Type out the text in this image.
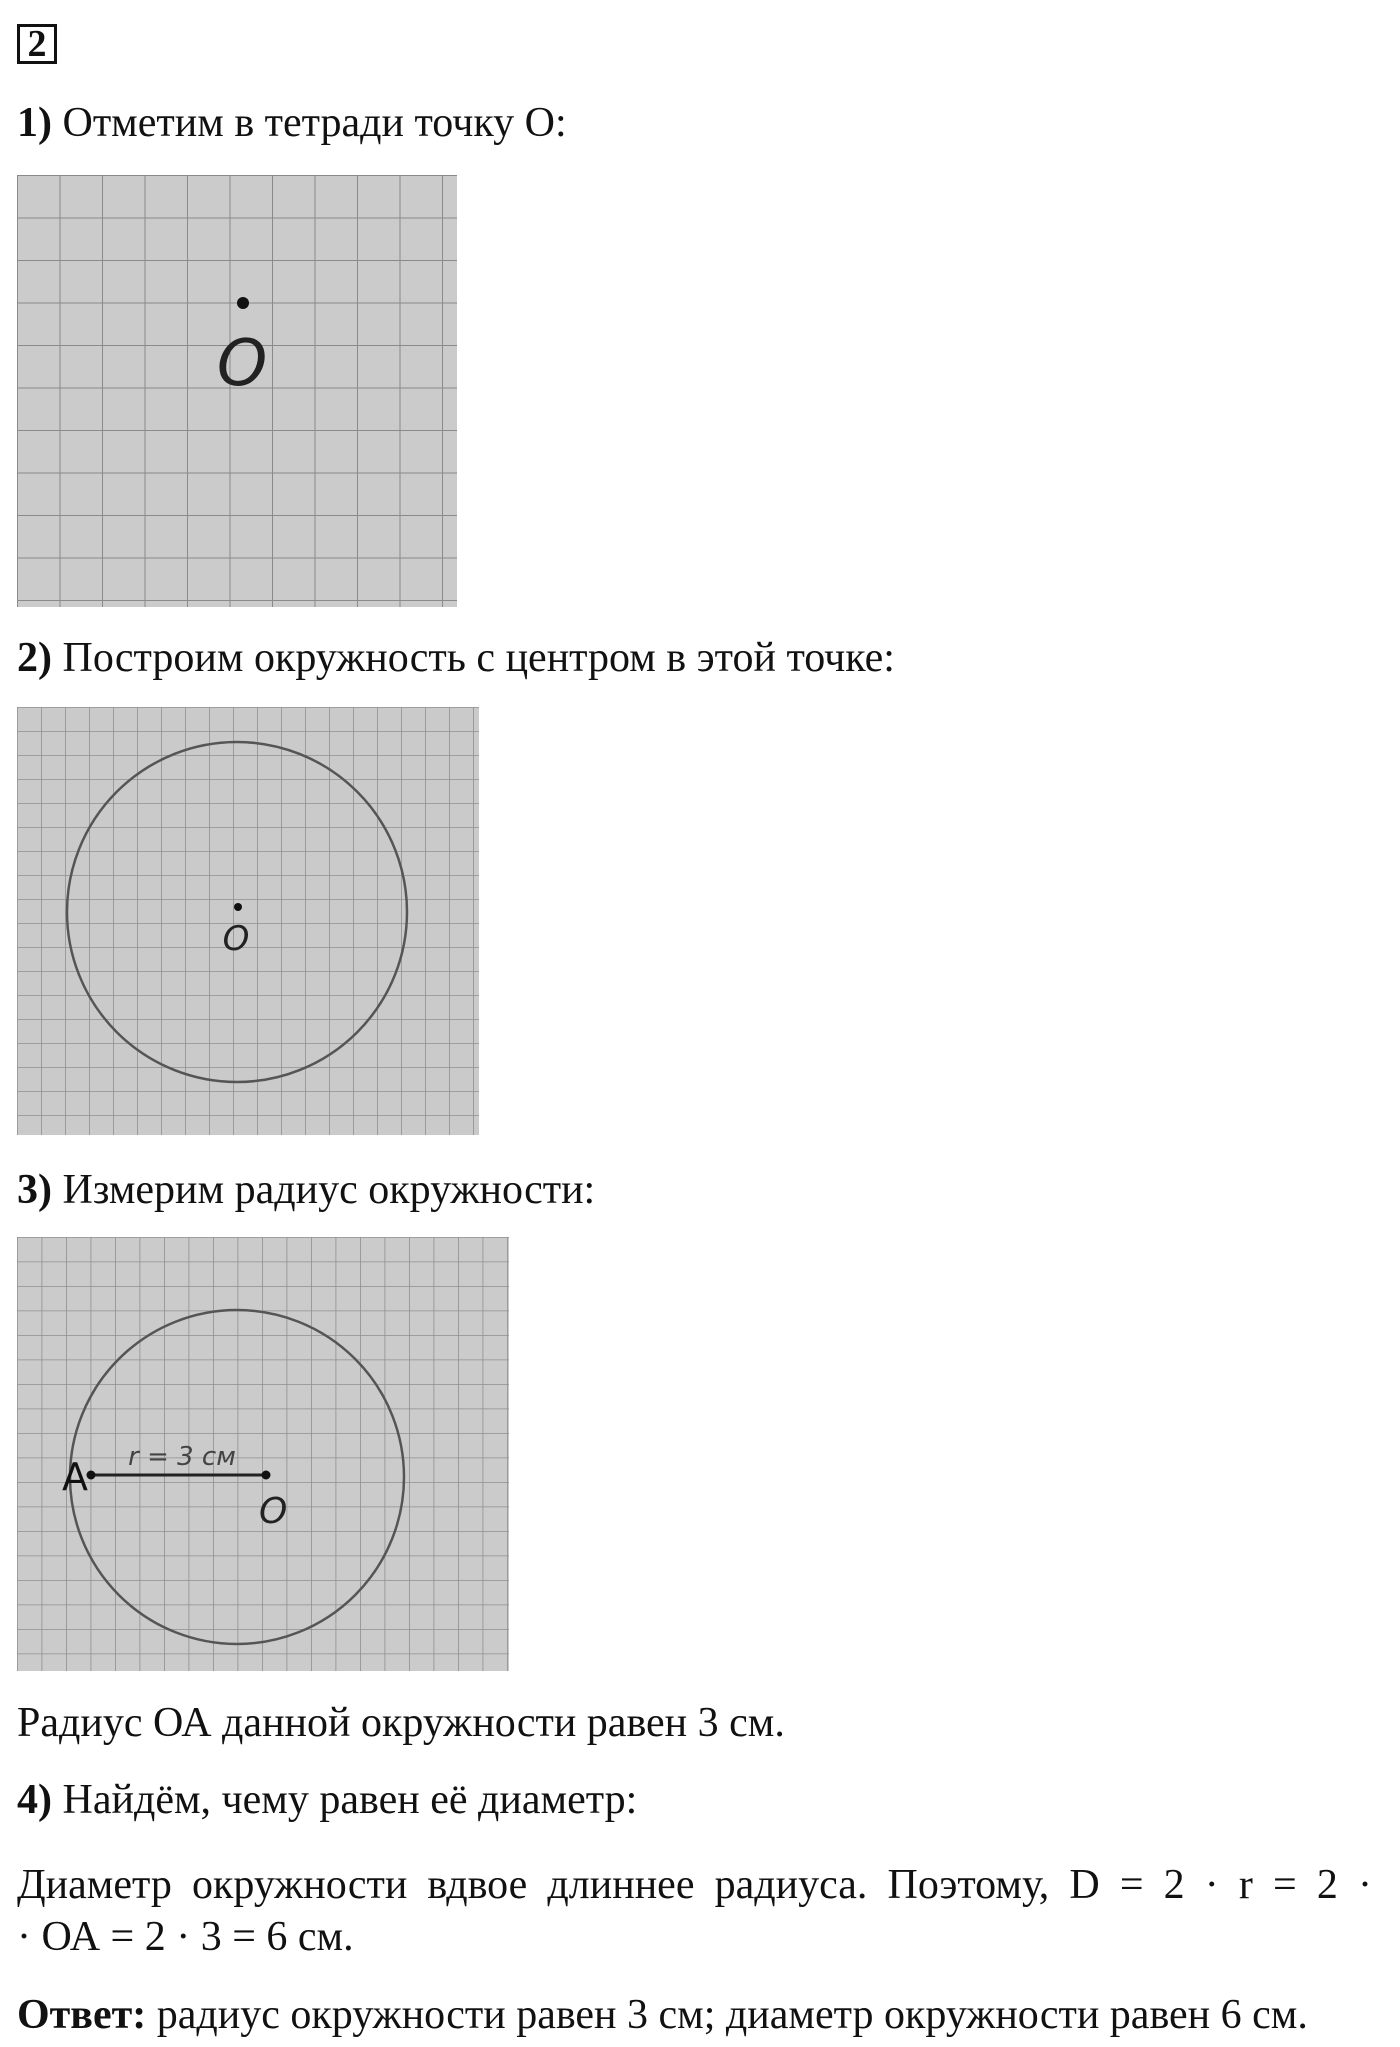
2
1) Отметим в тетради точку О:
O
2) Построим окружность с центром в этой точке:
O
3) Измерим радиус окружности:
A
O
r = 3 см
Радиус ОА данной окружности равен 3 см.
4) Найдём, чему равен её диаметр:
Диаметр окружности вдвое длиннее радиуса. Поэтому, D = 2 · r = 2 ·
· ОА = 2 · 3 = 6 см.
Ответ: радиус окружности равен 3 см; диаметр окружности равен 6 см.
